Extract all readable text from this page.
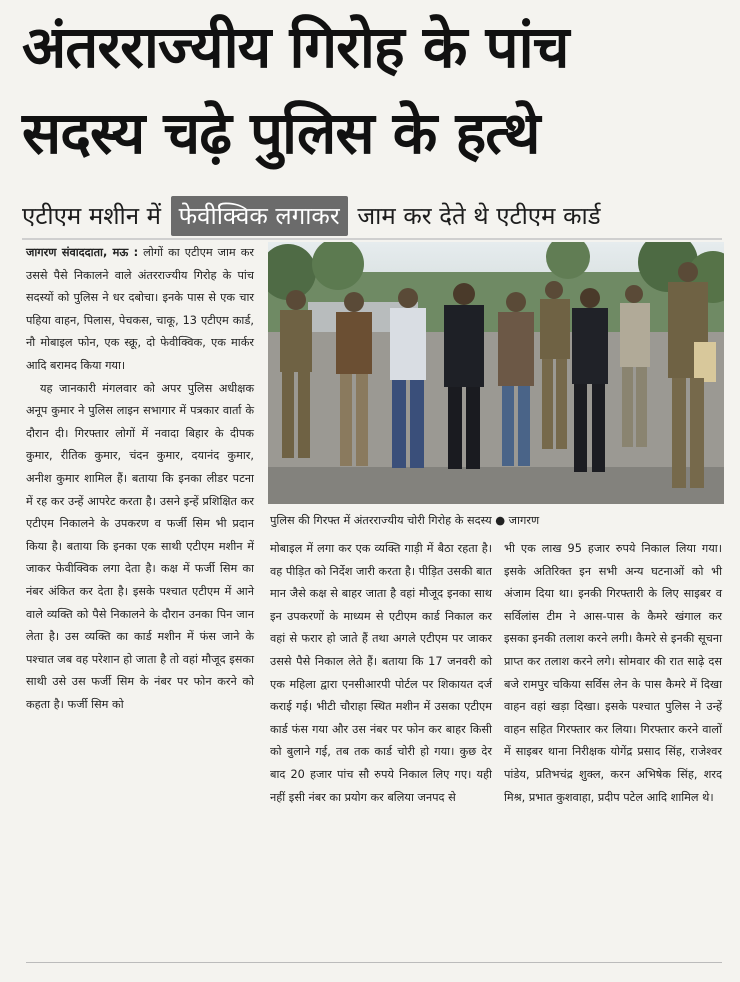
अंतरराज्यीय गिरोह के पांच
सदस्य चढ़े पुलिस के हत्थे
एटीएम मशीन में फेवीक्विक लगाकर जाम कर देते थे एटीएम कार्ड

जागरण संवाददाता, मऊ : लोगों का एटीएम जाम कर उससे पैसे निकालने वाले अंतरराज्यीय गिरोह के पांच सदस्यों को पुलिस ने धर दबोचा। इनके पास से एक चार पहिया वाहन, पिलास, पेचकस, चाकू, 13 एटीएम कार्ड, नौ मोबाइल फोन, एक स्क्रू, दो फेवीक्विक, एक मार्कर आदि बरामद किया गया।

यह जानकारी मंगलवार को अपर पुलिस अधीक्षक अनूप कुमार ने पुलिस लाइन सभागार में पत्रकार वार्ता के दौरान दी। गिरफ्तार लोगों में नवादा बिहार के दीपक कुमार, रीतिक कुमार, चंदन कुमार, दयानंद कुमार, अनीश कुमार शामिल हैं। बताया कि इनका लीडर पटना में रह कर उन्हें आपरेट करता है। उसने इन्हें प्रशिक्षित कर एटीएम निकालने के उपकरण व फर्जी सिम भी प्रदान किया है। बताया कि इनका एक साथी एटीएम मशीन में जाकर फेवीक्विक लगा देता है। कक्ष में फर्जी सिम का नंबर अंकित कर देता है। इसके पश्चात एटीएम में आने वाले व्यक्ति को पैसे निकालने के दौरान उनका पिन जान लेता है। उस व्यक्ति का कार्ड मशीन में फंस जाने के पश्चात जब वह परेशान हो जाता है तो वहां मौजूद इसका साथी उसे उस फर्जी सिम के नंबर पर फोन करने को कहता है। फर्जी सिम को

पुलिस की गिरफ्त में अंतरराज्यीय चोरी गिरोह के सदस्य ● जागरण
मोबाइल में लगा कर एक व्यक्ति गाड़ी में बैठा रहता है। वह पीड़ित को निर्देश जारी करता है। पीड़ित उसकी बात मान जैसे कक्ष से बाहर जाता है वहां मौजूद इनका साथ इन उपकरणों के माध्यम से एटीएम कार्ड निकाल कर वहां से फरार हो जाते हैं तथा अगले एटीएम पर जाकर उससे पैसे निकाल लेते हैं। बताया कि 17 जनवरी को एक महिला द्वारा एनसीआरपी पोर्टल पर शिकायत दर्ज कराई गई। भीटी चौराहा स्थित मशीन में उसका एटीएम कार्ड फंस गया और उस नंबर पर फोन कर बाहर किसी को बुलाने गई, तब तक कार्ड चोरी हो गया। कुछ देर बाद 20 हजार पांच सौ रुपये निकाल लिए गए। यही नहीं इसी नंबर का प्रयोग कर बलिया जनपद से
भी एक लाख 95 हजार रुपये निकाल लिया गया। इसके अतिरिक्त इन सभी अन्य घटनाओं को भी अंजाम दिया था। इनकी गिरफ्तारी के लिए साइबर व सर्विलांस टीम ने आस-पास के कैमरे खंगाल कर इसका इनकी तलाश करने लगी। कैमरे से इनकी सूचना प्राप्त कर तलाश करने लगे। सोमवार की रात साढ़े दस बजे रामपुर चकिया सर्विस लेन के पास कैमरे में दिखा वाहन वहां खड़ा दिखा। इसके पश्चात पुलिस ने उन्हें वाहन सहित गिरफ्तार कर लिया। गिरफ्तार करने वालों में साइबर थाना निरीक्षक योगेंद्र प्रसाद सिंह, राजेश्वर पांडेय, प्रतिभचंद्र शुक्ल, करन अभिषेक सिंह, शरद मिश्र, प्रभात कुशवाहा, प्रदीप पटेल आदि शामिल थे।
